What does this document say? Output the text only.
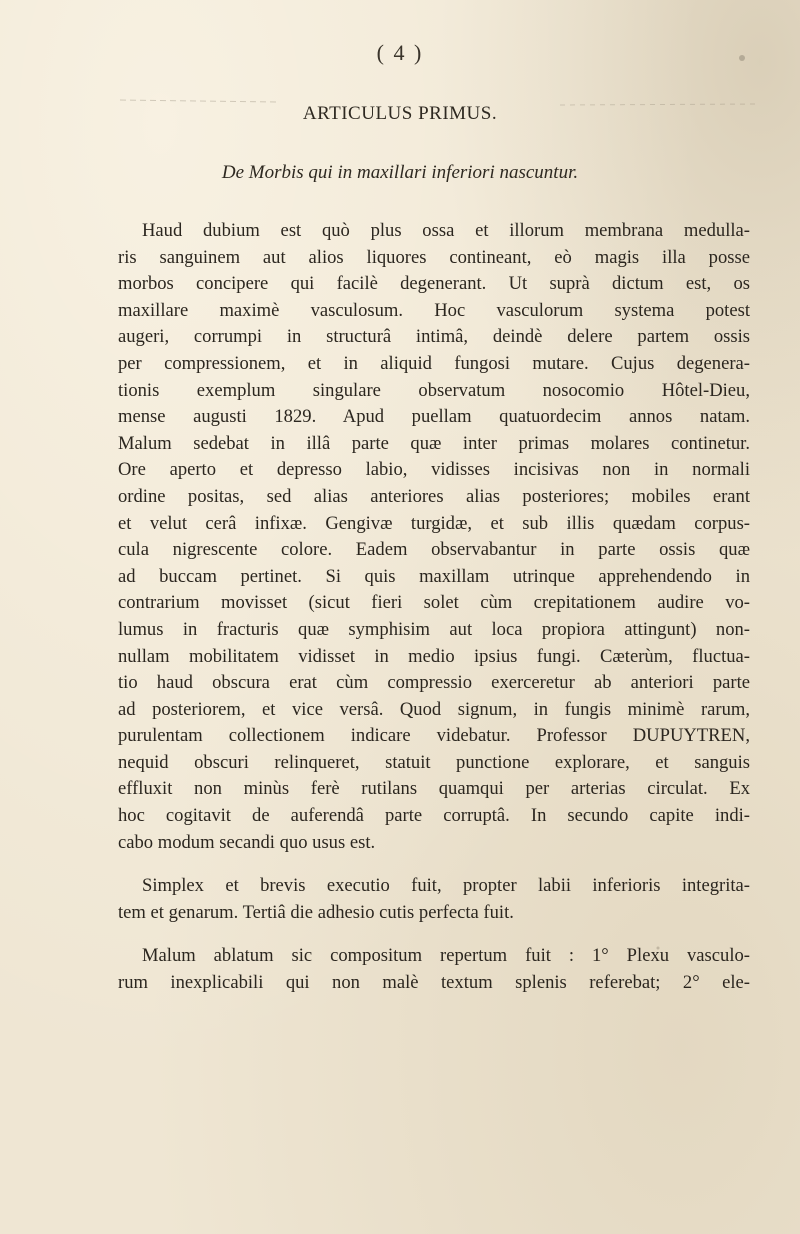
( 4 )
ARTICULUS PRIMUS.
De Morbis qui in maxillari inferiori nascuntur.
Haud dubium est quò plus ossa et illorum membrana medulla-
ris sanguinem aut alios liquores contineant, eò magis illa posse
morbos concipere qui facilè degenerant. Ut suprà dictum est, os
maxillare maximè vasculosum. Hoc vasculorum systema potest
augeri, corrumpi in structurâ intimâ, deindè delere partem ossis
per compressionem, et in aliquid fungosi mutare. Cujus degenera-
tionis exemplum singulare observatum nosocomio Hôtel-Dieu,
mense augusti 1829. Apud puellam quatuordecim annos natam.
Malum sedebat in illâ parte quæ inter primas molares continetur.
Ore aperto et depresso labio, vidisses incisivas non in normali
ordine positas, sed alias anteriores alias posteriores; mobiles erant
et velut cerâ infixæ. Gengivæ turgidæ, et sub illis quædam corpus-
cula nigrescente colore. Eadem observabantur in parte ossis quæ
ad buccam pertinet. Si quis maxillam utrinque apprehendendo in
contrarium movisset (sicut fieri solet cùm crepitationem audire vo-
lumus in fracturis quæ symphisim aut loca propiora attingunt) non-
nullam mobilitatem vidisset in medio ipsius fungi. Cæterùm, fluctua-
tio haud obscura erat cùm compressio exerceretur ab anteriori parte
ad posteriorem, et vice versâ. Quod signum, in fungis minimè rarum,
purulentam collectionem indicare videbatur. Professor DUPUYTREN,
nequid obscuri relinqueret, statuit punctione explorare, et sanguis
effluxit non minùs ferè rutilans quamqui per arterias circulat. Ex
hoc cogitavit de auferendâ parte corruptâ. In secundo capite indi-
cabo modum secandi quo usus est.
Simplex et brevis executio fuit, propter labii inferioris integrita-
tem et genarum. Tertiâ die adhesio cutis perfecta fuit.
Malum ablatum sic compositum repertum fuit : 1° Plexu vasculo-
rum inexplicabili qui non malè textum splenis referebat; 2° ele-
